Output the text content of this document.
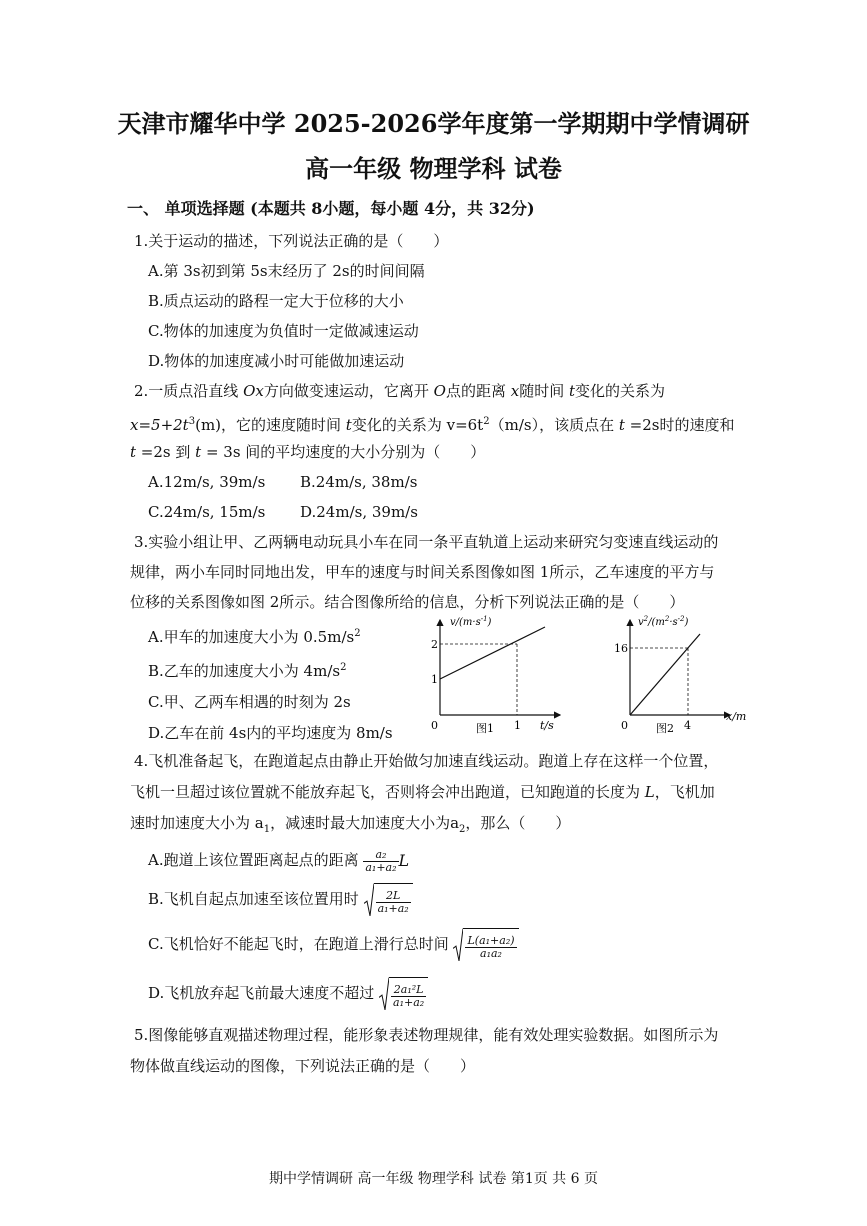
天津市耀华中学 2025-2026学年度第一学期期中学情调研
高一年级 物理学科 试卷
一、 单项选择题 (本题共 8小题，每小题 4分，共 32分)
1.关于运动的描述，下列说法正确的是（　　）
A.第 3s初到第 5s末经历了 2s的时间间隔
B.质点运动的路程一定大于位移的大小
C.物体的加速度为负值时一定做减速运动
D.物体的加速度减小时可能做加速运动
2.一质点沿直线 Ox方向做变速运动，它离开 O点的距离 x随时间 t变化的关系为
$x=5+2t^3(m)$，它的速度随时间 t变化的关系为 $v=6t^2(m/s)$，该质点在 t =2s时的速度和
t =2s 到 t = 3s 间的平均速度的大小分别为（　　）
A.12m/s, 39m/s B.24m/s, 38m/s
C.24m/s, 15m/s D.24m/s, 39m/s
3.实验小组让甲、乙两辆电动玩具小车在同一条平直轨道上运动来研究匀变速直线运动的
规律，两小车同时同地出发，甲车的速度与时间关系图像如图 1所示，乙车速度的平方与
位移的关系图像如图 2所示。结合图像所给的信息，分析下列说法正确的是（　　）
A.甲车的加速度大小为 $0.5m/s^2$
B.乙车的加速度大小为 $4m/s^2$
C.甲、乙两车相遇的时刻为 2s
D.乙车在前 4s内的平均速度为 8m/s
$v/(m\cdot s^{-1})$
2
1
0	1 t/s
图1
$v^2/(m^2\cdot s^{-2})$
16
0	4
x/m
图2
4.飞机准备起飞，在跑道起点由静止开始做匀加速直线运动。跑道上存在这样一个位置，
飞机一旦超过该位置就不能放弃起飞，否则将会冲出跑道，已知跑道的长度为 L，飞机加
速时加速度大小为 $a_1$，减速时最大加速度大小为$a_2$，那么（　　）
A.跑道上该位置距离起点的距离 $\frac{\text{a₂}}{\text{a₁+a₂}}$ L
B.飞机自起点加速至该位置用时 $\frac{2L}{\text{a₁+a₂}}$
C.飞机恰好不能起飞时，在跑道上滑行总时间 $\frac{\text{L(a₁+a₂)}}{\text{a₁a₂}}$
D.飞机放弃起飞前最大速度不超过 $\frac{\text{2a₁²L}}{\text{a₁+a₂}}$
5.图像能够直观描述物理过程，能形象表述物理规律，能有效处理实验数据。如图所示为
物体做直线运动的图像，下列说法正确的是（　　）
期中学情调研 高一年级 物理学科 试卷 第1页 共 6 页
